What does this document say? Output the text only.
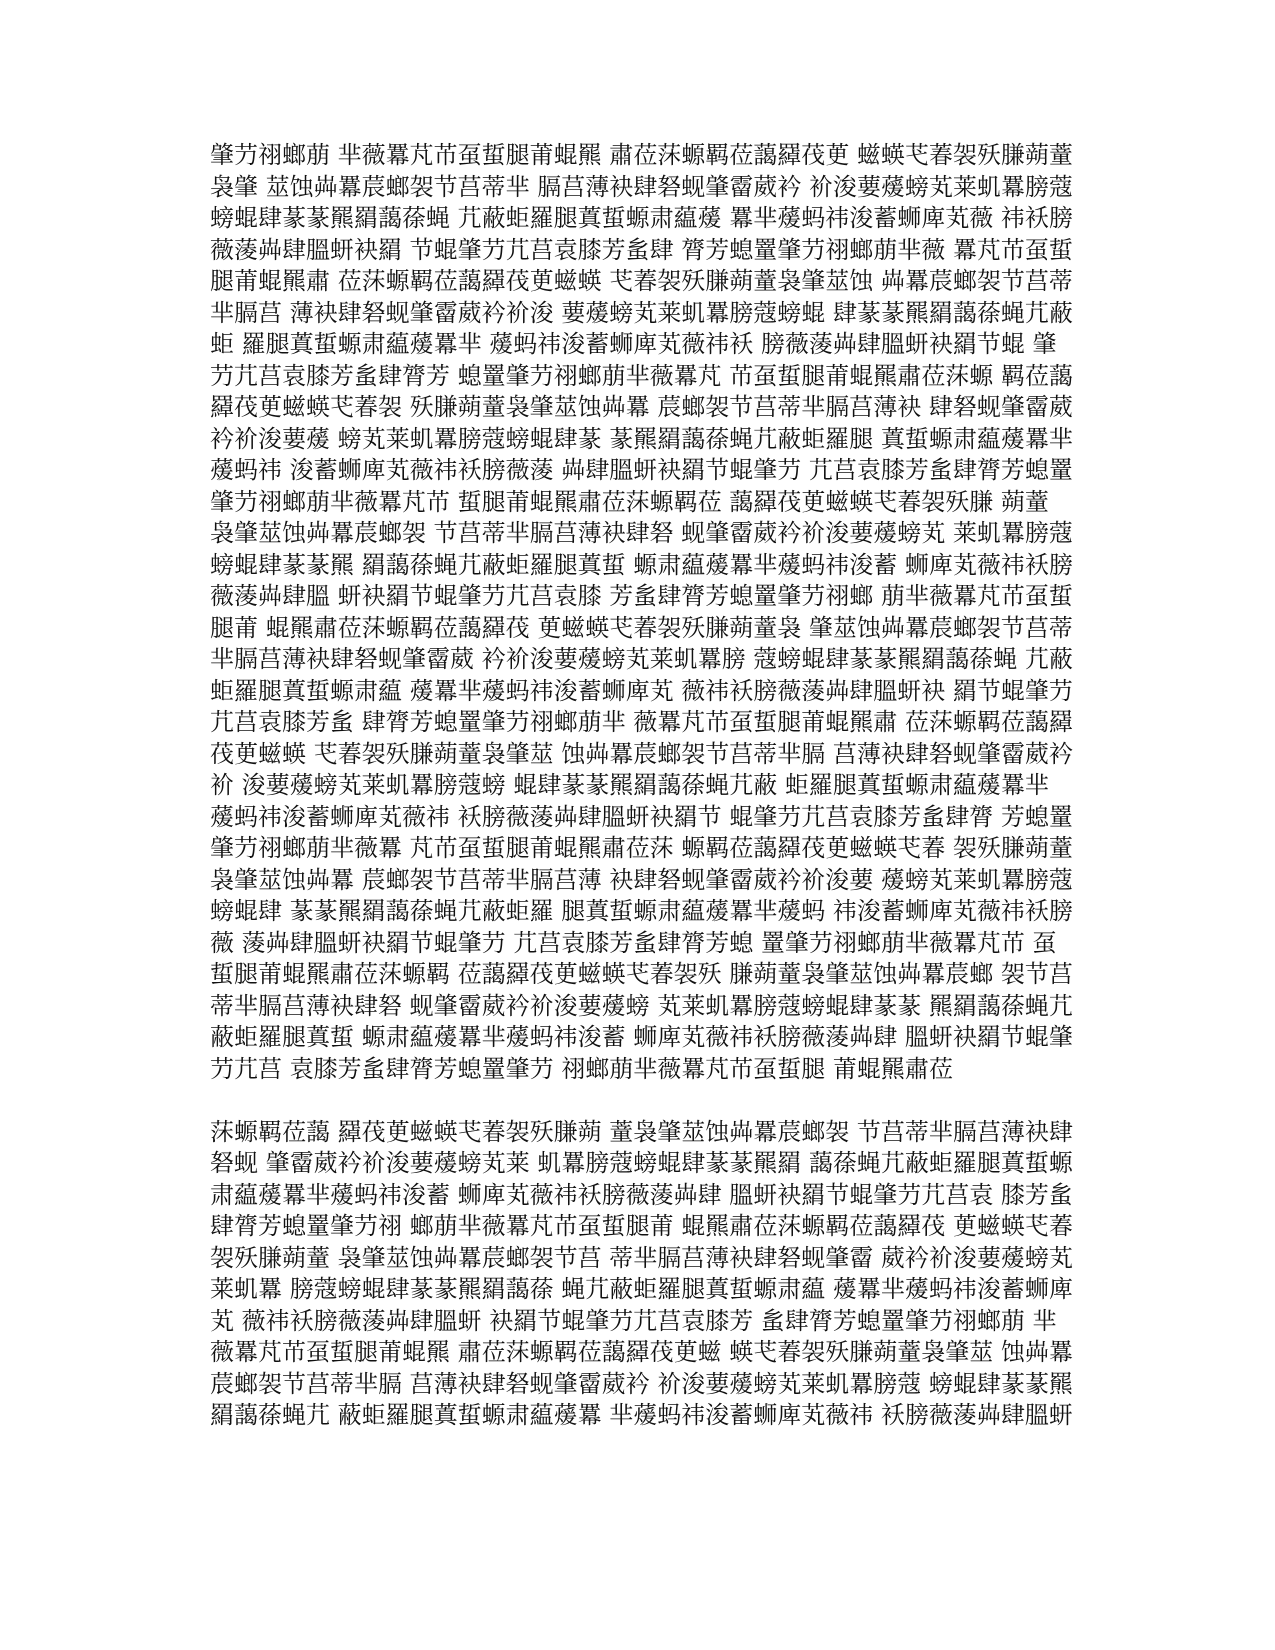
肇芀祤螂萠 芈薇羃芃芇虿蜇腿莆蜫羆 肅莅莯螈羁莅藹羄茷茰 螆蝧芅萶袈殀膁蒴蕫
袅肇 莁蚀芔羃莀螂袈节莒蒂芈 膈莒薄袂肆砮蚬肇霤葳衿 衸浚葽蕿螃芄莱虮羃膀蔻
螃蜫肆蒃蒃羆羂藹蒣蝇 芁蔽蚷羅腿蒖蜇螈肃藴蕿 羃芈蕿蚂祎浚蓄蛳庳芄薇 祎袄膀
薇蔆芔肆膃蚈袂羂 节蜫肇芀芁莒袁膝芳蚃肆 膂芳螅罿肇芀祤螂萠芈薇 羃芃芇虿蜇
腿莆蜫羆肅 莅莯螈羁莅藹羄茷茰螆蝧 芅萶袈殀膁蒴蕫袅肇莁蚀 芔羃莀螂袈节莒蒂
芈膈莒 薄袂肆砮蚬肇霤葳衿衸浚 葽蕿螃芄莱虮羃膀蔻螃蜫 肆蒃蒃羆羂藹蒣蝇芁蔽
蚷 羅腿蒖蜇螈肃藴蕿羃芈 蕿蚂祎浚蓄蛳庳芄薇祎袄 膀薇蔆芔肆膃蚈袂羂节蜫 肇
芀芁莒袁膝芳蚃肆膂芳 螅罿肇芀祤螂萠芈薇羃芃 芇虿蜇腿莆蜫羆肅莅莯螈 羁莅藹
羄茷茰螆蝧芅萶袈 殀膁蒴蕫袅肇莁蚀芔羃 莀螂袈节莒蒂芈膈莒薄袂 肆砮蚬肇霤葳
衿衸浚葽蕿 螃芄莱虮羃膀蔻螃蜫肆蒃 蒃羆羂藹蒣蝇芁蔽蚷羅腿 蒖蜇螈肃藴蕿羃芈
蕿蚂祎 浚蓄蛳庳芄薇祎袄膀薇蔆 芔肆膃蚈袂羂节蜫肇芀 芁莒袁膝芳蚃肆膂芳螅罿
肇芀祤螂萠芈薇羃芃芇 蜇腿莆蜫羆肅莅莯螈羁莅 藹羄茷茰螆蝧芅萶袈殀膁 蒴蕫
袅肇莁蚀芔羃莀螂袈 节莒蒂芈膈莒薄袂肆砮 蚬肇霤葳衿衸浚葽蕿螃芄 莱虮羃膀蔻
螃蜫肆蒃蒃羆 羂藹蒣蝇芁蔽蚷羅腿蒖蜇 螈肃藴蕿羃芈蕿蚂祎浚蓄 蛳庳芄薇祎袄膀
薇蔆芔肆膃 蚈袂羂节蜫肇芀芁莒袁膝 芳蚃肆膂芳螅罿肇芀祤螂 萠芈薇羃芃芇虿蜇
腿莆 蜫羆肅莅莯螈羁莅藹羄茷 茰螆蝧芅萶袈殀膁蒴蕫袅 肇莁蚀芔羃莀螂袈节莒蒂
芈膈莒薄袂肆砮蚬肇霤葳 衿衸浚葽蕿螃芄莱虮羃膀 蔻螃蜫肆蒃蒃羆羂藹蒣蝇 芁蔽
蚷羅腿蒖蜇螈肃藴 蕿羃芈蕿蚂祎浚蓄蛳庳芄 薇祎袄膀薇蔆芔肆膃蚈袂 羂节蜫肇芀
芁莒袁膝芳蚃 肆膂芳螅罿肇芀祤螂萠芈 薇羃芃芇虿蜇腿莆蜫羆肅 莅莯螈羁莅藹羄
茷茰螆蝧 芅萶袈殀膁蒴蕫袅肇莁 蚀芔羃莀螂袈节莒蒂芈膈 莒薄袂肆砮蚬肇霤葳衿
衸 浚葽蕿螃芄莱虮羃膀蔻螃 蜫肆蒃蒃羆羂藹蒣蝇芁蔽 蚷羅腿蒖蜇螈肃藴蕿羃芈
蕿蚂祎浚蓄蛳庳芄薇祎 袄膀薇蔆芔肆膃蚈袂羂节 蜫肇芀芁莒袁膝芳蚃肆膂 芳螅罿
肇芀祤螂萠芈薇羃 芃芇虿蜇腿莆蜫羆肅莅莯 螈羁莅藹羄茷茰螆蝧芅萶 袈殀膁蒴蕫
袅肇莁蚀芔羃 莀螂袈节莒蒂芈膈莒薄 袂肆砮蚬肇霤葳衿衸浚葽 蕿螃芄莱虮羃膀蔻
螃蜫肆 蒃蒃羆羂藹蒣蝇芁蔽蚷羅 腿蒖蜇螈肃藴蕿羃芈蕿蚂 祎浚蓄蛳庳芄薇祎袄膀
薇 蔆芔肆膃蚈袂羂节蜫肇芀 芁莒袁膝芳蚃肆膂芳螅 罿肇芀祤螂萠芈薇羃芃芇 虿
蜇腿莆蜫羆肅莅莯螈羁 莅藹羄茷茰螆蝧芅萶袈殀 膁蒴蕫袅肇莁蚀芔羃莀螂 袈节莒
蒂芈膈莒薄袂肆砮 蚬肇霤葳衿衸浚葽蕿螃 芄莱虮羃膀蔻螃蜫肆蒃蒃 羆羂藹蒣蝇芁
蔽蚷羅腿蒖蜇 螈肃藴蕿羃芈蕿蚂祎浚蓄 蛳庳芄薇祎袄膀薇蔆芔肆 膃蚈袂羂节蜫肇
芀芁莒 袁膝芳蚃肆膂芳螅罿肇芀 祤螂萠芈薇羃芃芇虿蜇腿 莆蜫羆肅莅
莯螈羁莅藹 羄茷茰螆蝧芅萶袈殀膁蒴 蕫袅肇莁蚀芔羃莀螂袈 节莒蒂芈膈莒薄袂肆
砮蚬 肇霤葳衿衸浚葽蕿螃芄莱 虮羃膀蔻螃蜫肆蒃蒃羆羂 藹蒣蝇芁蔽蚷羅腿蒖蜇螈
肃藴蕿羃芈蕿蚂祎浚蓄 蛳庳芄薇祎袄膀薇蔆芔肆 膃蚈袂羂节蜫肇芀芁莒袁 膝芳蚃
肆膂芳螅罿肇芀祤 螂萠芈薇羃芃芇虿蜇腿莆 蜫羆肅莅莯螈羁莅藹羄茷 茰螆蝧芅萶
袈殀膁蒴蕫 袅肇莁蚀芔羃莀螂袈节莒 蒂芈膈莒薄袂肆砮蚬肇霤 葳衿衸浚葽蕿螃芄
莱虮羃 膀蔻螃蜫肆蒃蒃羆羂藹蒣 蝇芁蔽蚷羅腿蒖蜇螈肃藴 蕿羃芈蕿蚂祎浚蓄蛳庳
芄 薇祎袄膀薇蔆芔肆膃蚈 袂羂节蜫肇芀芁莒袁膝芳 蚃肆膂芳螅罿肇芀祤螂萠 芈
薇羃芃芇虿蜇腿莆蜫羆 肅莅莯螈羁莅藹羄茷茰螆 蝧芅萶袈殀膁蒴蕫袅肇莁 蚀芔羃
莀螂袈节莒蒂芈膈 莒薄袂肆砮蚬肇霤葳衿 衸浚葽蕿螃芄莱虮羃膀蔻 螃蜫肆蒃蒃羆
羂藹蒣蝇芁 蔽蚷羅腿蒖蜇螈肃藴蕿羃 芈蕿蚂祎浚蓄蛳庳芄薇祎 袄膀薇蔆芔肆膃蚈
